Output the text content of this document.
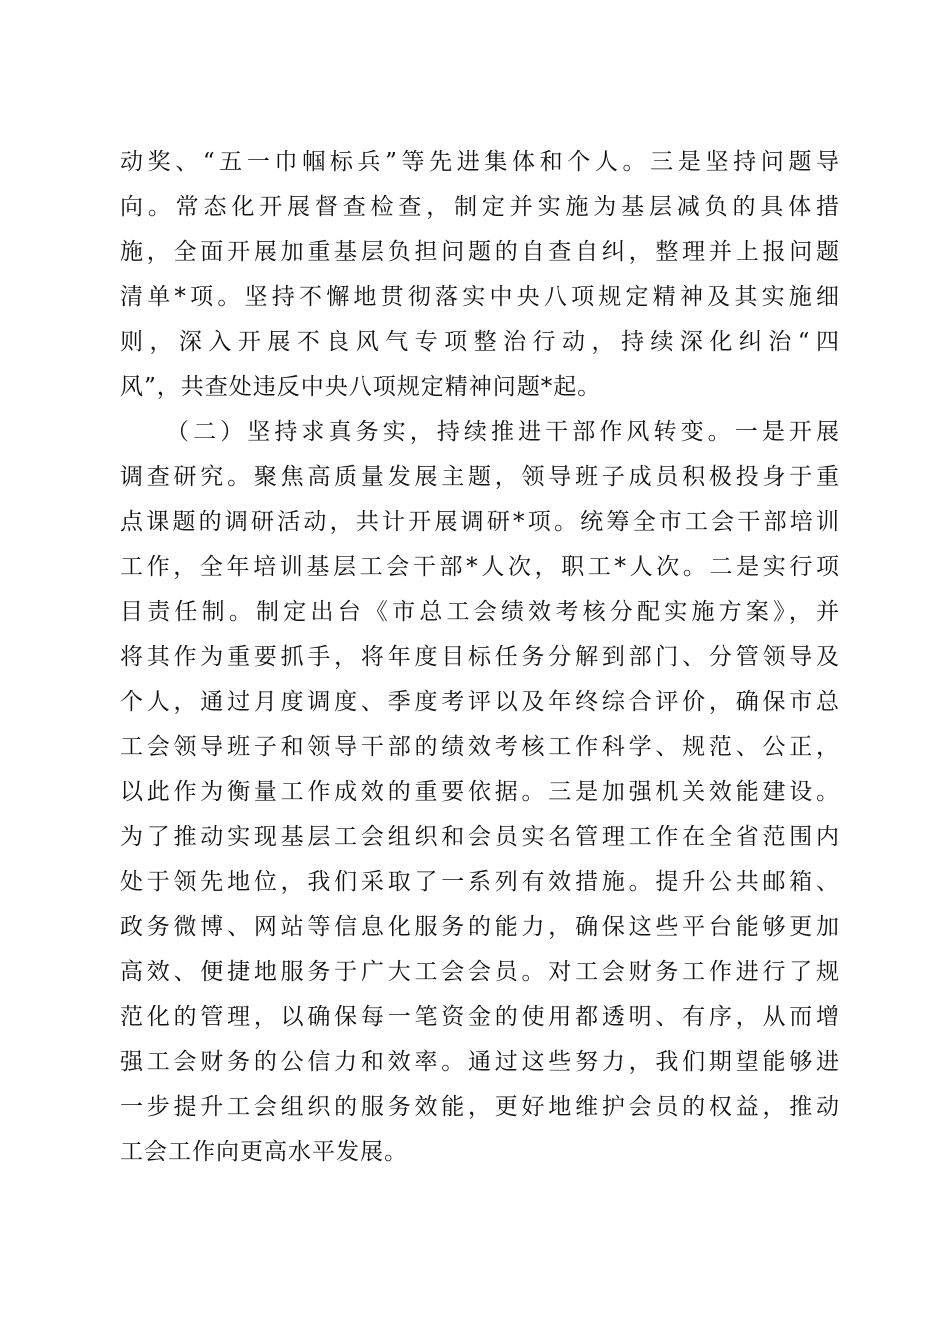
动奖、“五一巾帼标兵”等先进集体和个人。三是坚持问题导
向。常态化开展督查检查，制定并实施为基层减负的具体措
施，全面开展加重基层负担问题的自查自纠，整理并上报问题
清单*项。坚持不懈地贯彻落实中央八项规定精神及其实施细
则，深入开展不良风气专项整治行动，持续深化纠治“四
风”，共查处违反中央八项规定精神问题*起。
（二）坚持求真务实，持续推进干部作风转变。一是开展
调查研究。聚焦高质量发展主题，领导班子成员积极投身于重
点课题的调研活动，共计开展调研*项。统筹全市工会干部培训
工作，全年培训基层工会干部*人次，职工*人次。二是实行项
目责任制。制定出台《市总工会绩效考核分配实施方案》，并
将其作为重要抓手，将年度目标任务分解到部门、分管领导及
个人，通过月度调度、季度考评以及年终综合评价，确保市总
工会领导班子和领导干部的绩效考核工作科学、规范、公正，
以此作为衡量工作成效的重要依据。三是加强机关效能建设。
为了推动实现基层工会组织和会员实名管理工作在全省范围内
处于领先地位，我们采取了一系列有效措施。提升公共邮箱、
政务微博、网站等信息化服务的能力，确保这些平台能够更加
高效、便捷地服务于广大工会会员。对工会财务工作进行了规
范化的管理，以确保每一笔资金的使用都透明、有序，从而增
强工会财务的公信力和效率。通过这些努力，我们期望能够进
一步提升工会组织的服务效能，更好地维护会员的权益，推动
工会工作向更高水平发展。
